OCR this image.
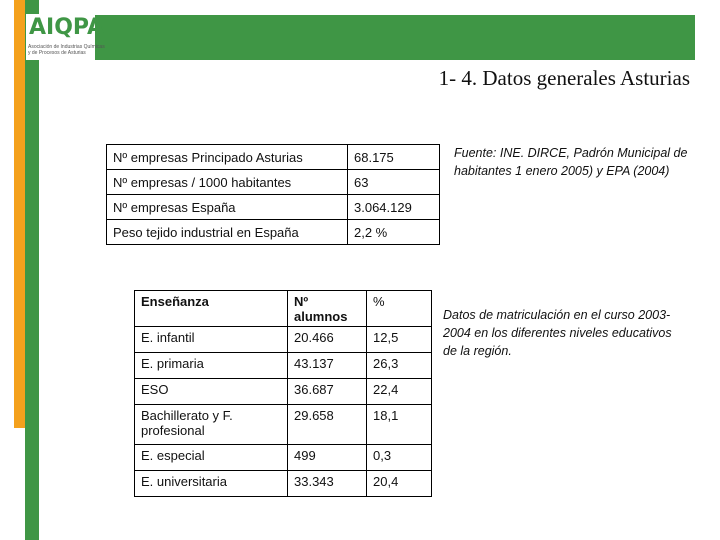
AIQPA
Asociación de Industrias Químicas
y de Procesos de Asturias
1- 4. Datos generales Asturias
Nº empresas Principado Asturias	68.175
Nº empresas / 1000 habitantes	63
Nº empresas España	3.064.129
Peso tejido industrial en España	2,2 %
Fuente: INE. DIRCE, Padrón Municipal de habitantes 1 enero 2005) y EPA (2004)
Enseñanza	Nº alumnos	%
E. infantil	20.466	12,5
E. primaria	43.137	26,3
ESO	36.687	22,4
Bachillerato y F. profesional	29.658	18,1
E. especial	499	0,3
E. universitaria	33.343	20,4
Datos de matriculación en el curso 2003-2004 en los diferentes niveles educativos de la región.
